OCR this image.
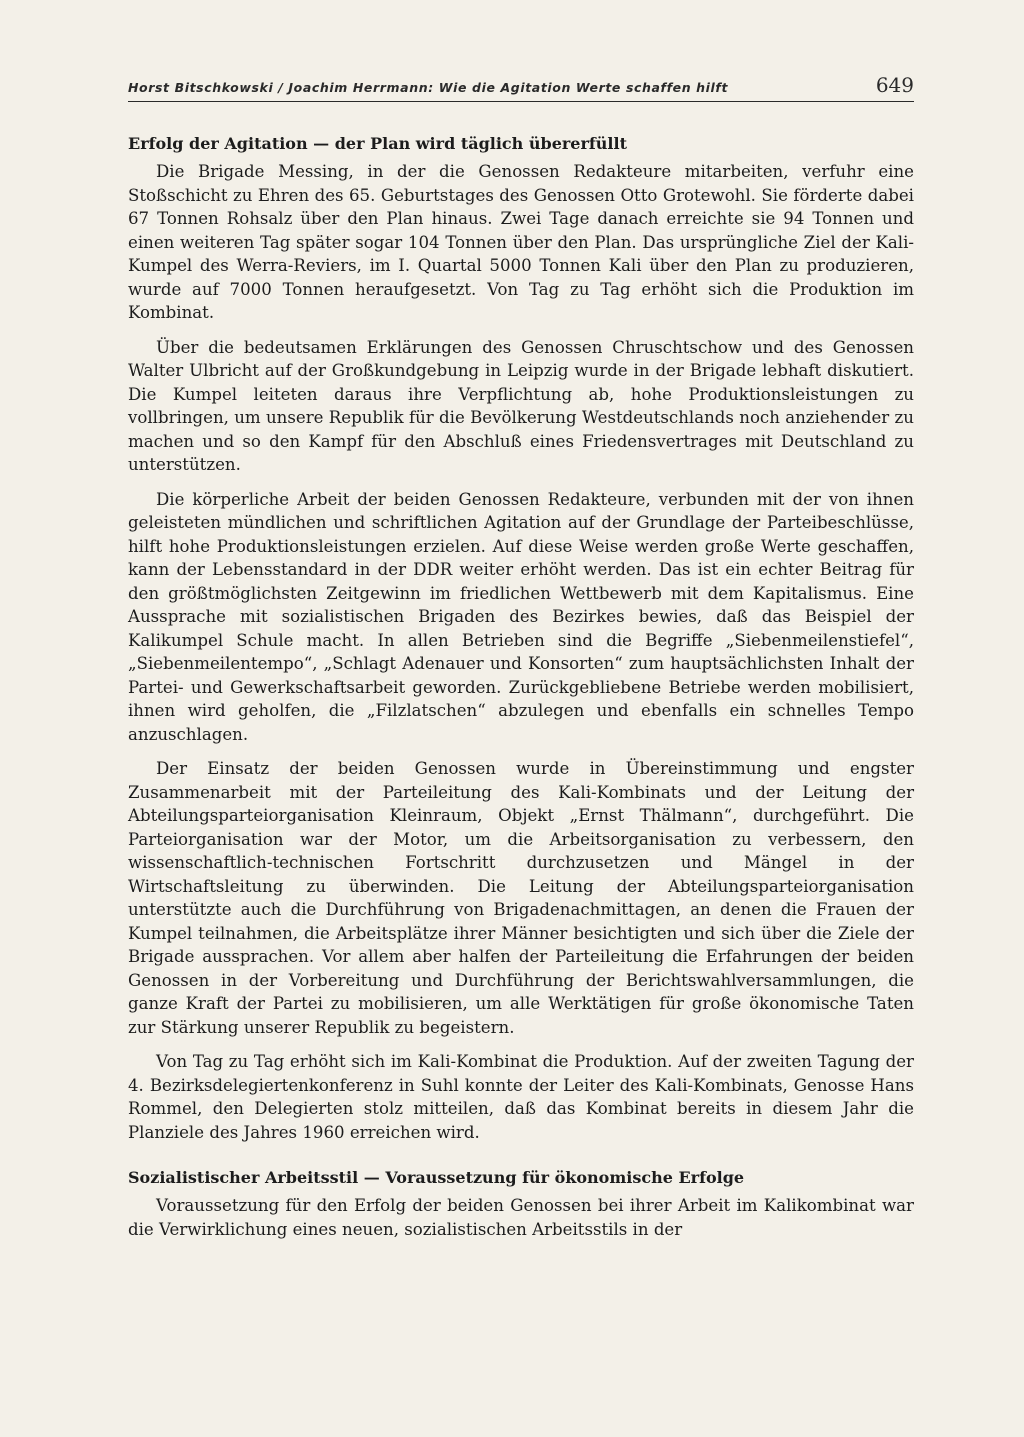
Horst Bitschkowski / Joachim Herrmann: Wie die Agitation Werte schaffen hilft	649
Erfolg der Agitation — der Plan wird täglich übererfüllt

Die Brigade Messing, in der die Genossen Redakteure mitarbeiten, verfuhr eine Stoßschicht zu Ehren des 65. Geburtstages des Genossen Otto Grotewohl. Sie förderte dabei 67 Tonnen Rohsalz über den Plan hinaus. Zwei Tage danach erreichte sie 94 Tonnen und einen weiteren Tag später sogar 104 Tonnen über den Plan. Das ursprüngliche Ziel der Kali-Kumpel des Werra-Reviers, im I. Quartal 5000 Tonnen Kali über den Plan zu produzieren, wurde auf 7000 Tonnen heraufgesetzt. Von Tag zu Tag erhöht sich die Produktion im Kombinat.

Über die bedeutsamen Erklärungen des Genossen Chruschtschow und des Genossen Walter Ulbricht auf der Großkundgebung in Leipzig wurde in der Brigade lebhaft diskutiert. Die Kumpel leiteten daraus ihre Verpflichtung ab, hohe Produktionsleistungen zu vollbringen, um unsere Republik für die Bevölkerung Westdeutschlands noch anziehender zu machen und so den Kampf für den Abschluß eines Friedensvertrages mit Deutschland zu unterstützen.

Die körperliche Arbeit der beiden Genossen Redakteure, verbunden mit der von ihnen geleisteten mündlichen und schriftlichen Agitation auf der Grundlage der Parteibeschlüsse, hilft hohe Produktionsleistungen erzielen. Auf diese Weise werden große Werte geschaffen, kann der Lebensstandard in der DDR weiter erhöht werden. Das ist ein echter Beitrag für den größtmöglichsten Zeitgewinn im friedlichen Wettbewerb mit dem Kapitalismus. Eine Aussprache mit sozialistischen Brigaden des Bezirkes bewies, daß das Beispiel der Kalikumpel Schule macht. In allen Betrieben sind die Begriffe „Siebenmeilenstiefel“, „Siebenmeilentempo“, „Schlagt Adenauer und Konsorten“ zum hauptsächlichsten Inhalt der Partei- und Gewerkschaftsarbeit geworden. Zurückgebliebene Betriebe werden mobilisiert, ihnen wird geholfen, die „Filzlatschen“ abzulegen und ebenfalls ein schnelles Tempo anzuschlagen.

Der Einsatz der beiden Genossen wurde in Übereinstimmung und engster Zusammenarbeit mit der Parteileitung des Kali-Kombinats und der Leitung der Abteilungsparteiorganisation Kleinraum, Objekt „Ernst Thälmann“, durchgeführt. Die Parteiorganisation war der Motor, um die Arbeitsorganisation zu verbessern, den wissenschaftlich-technischen Fortschritt durchzusetzen und Mängel in der Wirtschaftsleitung zu überwinden. Die Leitung der Abteilungsparteiorganisation unterstützte auch die Durchführung von Brigadenachmittagen, an denen die Frauen der Kumpel teilnahmen, die Arbeitsplätze ihrer Männer besichtigten und sich über die Ziele der Brigade aussprachen. Vor allem aber halfen der Parteileitung die Erfahrungen der beiden Genossen in der Vorbereitung und Durchführung der Berichtswahlversammlungen, die ganze Kraft der Partei zu mobilisieren, um alle Werktätigen für große ökonomische Taten zur Stärkung unserer Republik zu begeistern.

Von Tag zu Tag erhöht sich im Kali-Kombinat die Produktion. Auf der zweiten Tagung der 4. Bezirksdelegiertenkonferenz in Suhl konnte der Leiter des Kali-Kombinats, Genosse Hans Rommel, den Delegierten stolz mitteilen, daß das Kombinat bereits in diesem Jahr die Planziele des Jahres 1960 erreichen wird.

Sozialistischer Arbeitsstil — Voraussetzung für ökonomische Erfolge

Voraussetzung für den Erfolg der beiden Genossen bei ihrer Arbeit im Kalikombinat war die Verwirklichung eines neuen, sozialistischen Arbeitsstils in der
